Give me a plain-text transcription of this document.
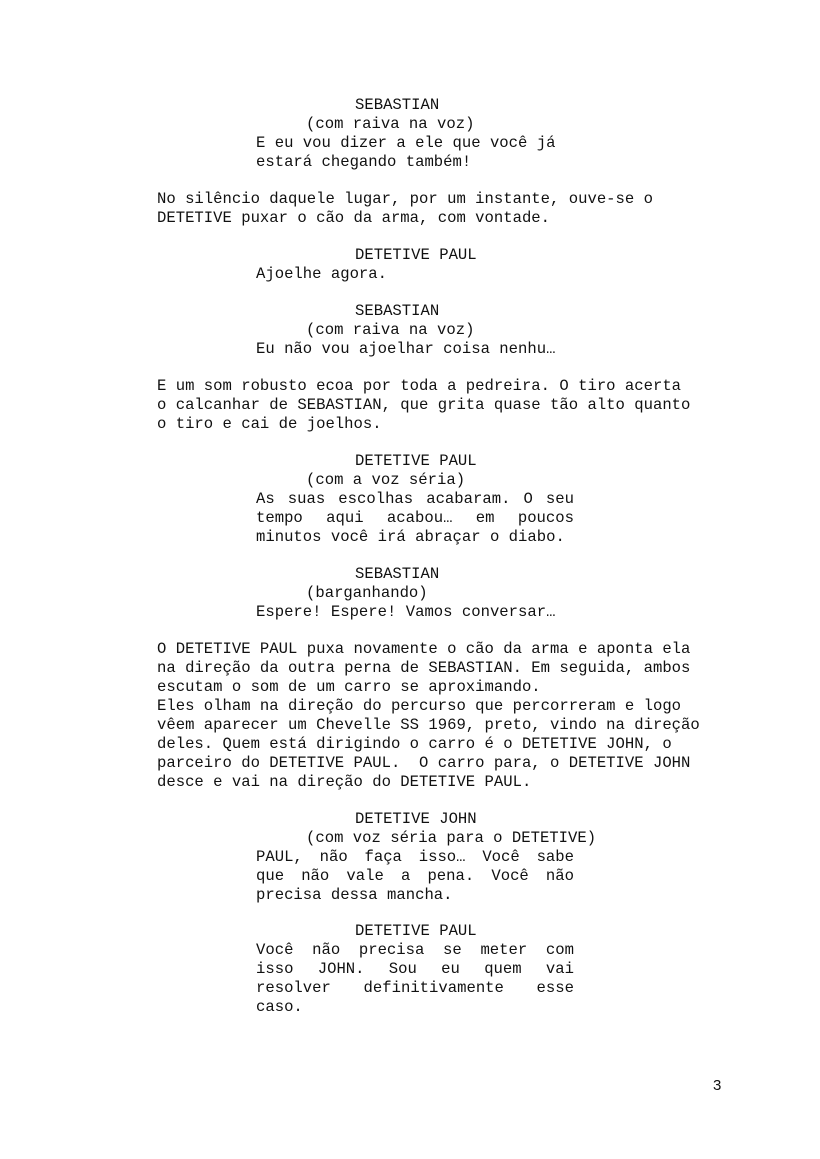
SEBASTIAN
(com raiva na voz)
E eu vou dizer a ele que você já
estará chegando também!
No silêncio daquele lugar, por um instante, ouve-se o
DETETIVE puxar o cão da arma, com vontade.
DETETIVE PAUL
Ajoelhe agora.
SEBASTIAN
(com raiva na voz)
Eu não vou ajoelhar coisa nenhu…
E um som robusto ecoa por toda a pedreira. O tiro acerta
o calcanhar de SEBASTIAN, que grita quase tão alto quanto
o tiro e cai de joelhos.
DETETIVE PAUL
(com a voz séria)
As suas escolhas acabaram. O seu
tempo aqui acabou… em poucos
minutos você irá abraçar o diabo.
SEBASTIAN
(barganhando)
Espere! Espere! Vamos conversar…
O DETETIVE PAUL puxa novamente o cão da arma e aponta ela
na direção da outra perna de SEBASTIAN. Em seguida, ambos
escutam o som de um carro se aproximando.
Eles olham na direção do percurso que percorreram e logo
vêem aparecer um Chevelle SS 1969, preto, vindo na direção
deles. Quem está dirigindo o carro é o DETETIVE JOHN, o
parceiro do DETETIVE PAUL.  O carro para, o DETETIVE JOHN
desce e vai na direção do DETETIVE PAUL.
DETETIVE JOHN
(com voz séria para o DETETIVE)
PAUL, não faça isso… Você sabe
que não vale a pena. Você não
precisa dessa mancha.
DETETIVE PAUL
Você não precisa se meter com
isso JOHN. Sou eu quem vai
resolver definitivamente esse
caso.
3
